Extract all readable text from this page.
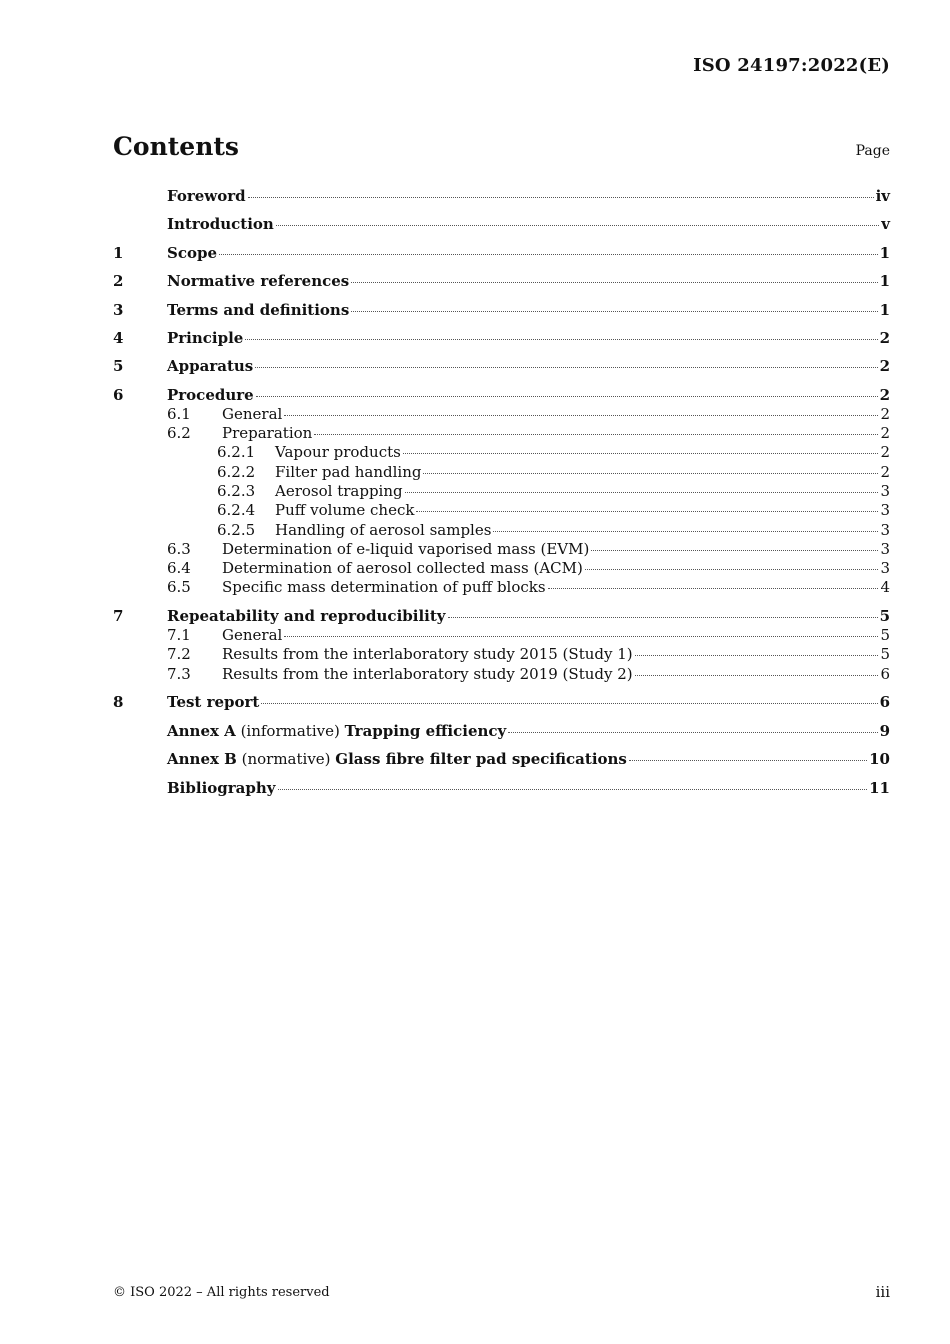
ISO 24197:2022(E)
Contents	Page
Foreword	iv
Introduction	v
1	Scope	1
2	Normative references	1
3	Terms and definitions	1
4	Principle	2
5	Apparatus	2
6	Procedure	2
6.1	General	2
6.2	Preparation	2
6.2.1	Vapour products	2
6.2.2	Filter pad handling	2
6.2.3	Aerosol trapping	3
6.2.4	Puff volume check	3
6.2.5	Handling of aerosol samples	3
6.3	Determination of e-liquid vaporised mass (EVM)	3
6.4	Determination of aerosol collected mass (ACM)	3
6.5	Specific mass determination of puff blocks	4
7	Repeatability and reproducibility	5
7.1	General	5
7.2	Results from the interlaboratory study 2015 (Study 1)	5
7.3	Results from the interlaboratory study 2019 (Study 2)	6
8	Test report	6
Annex A (informative) Trapping efficiency	9
Annex B (normative) Glass fibre filter pad specifications	10
Bibliography	11
© ISO 2022 – All rights reserved	iii
